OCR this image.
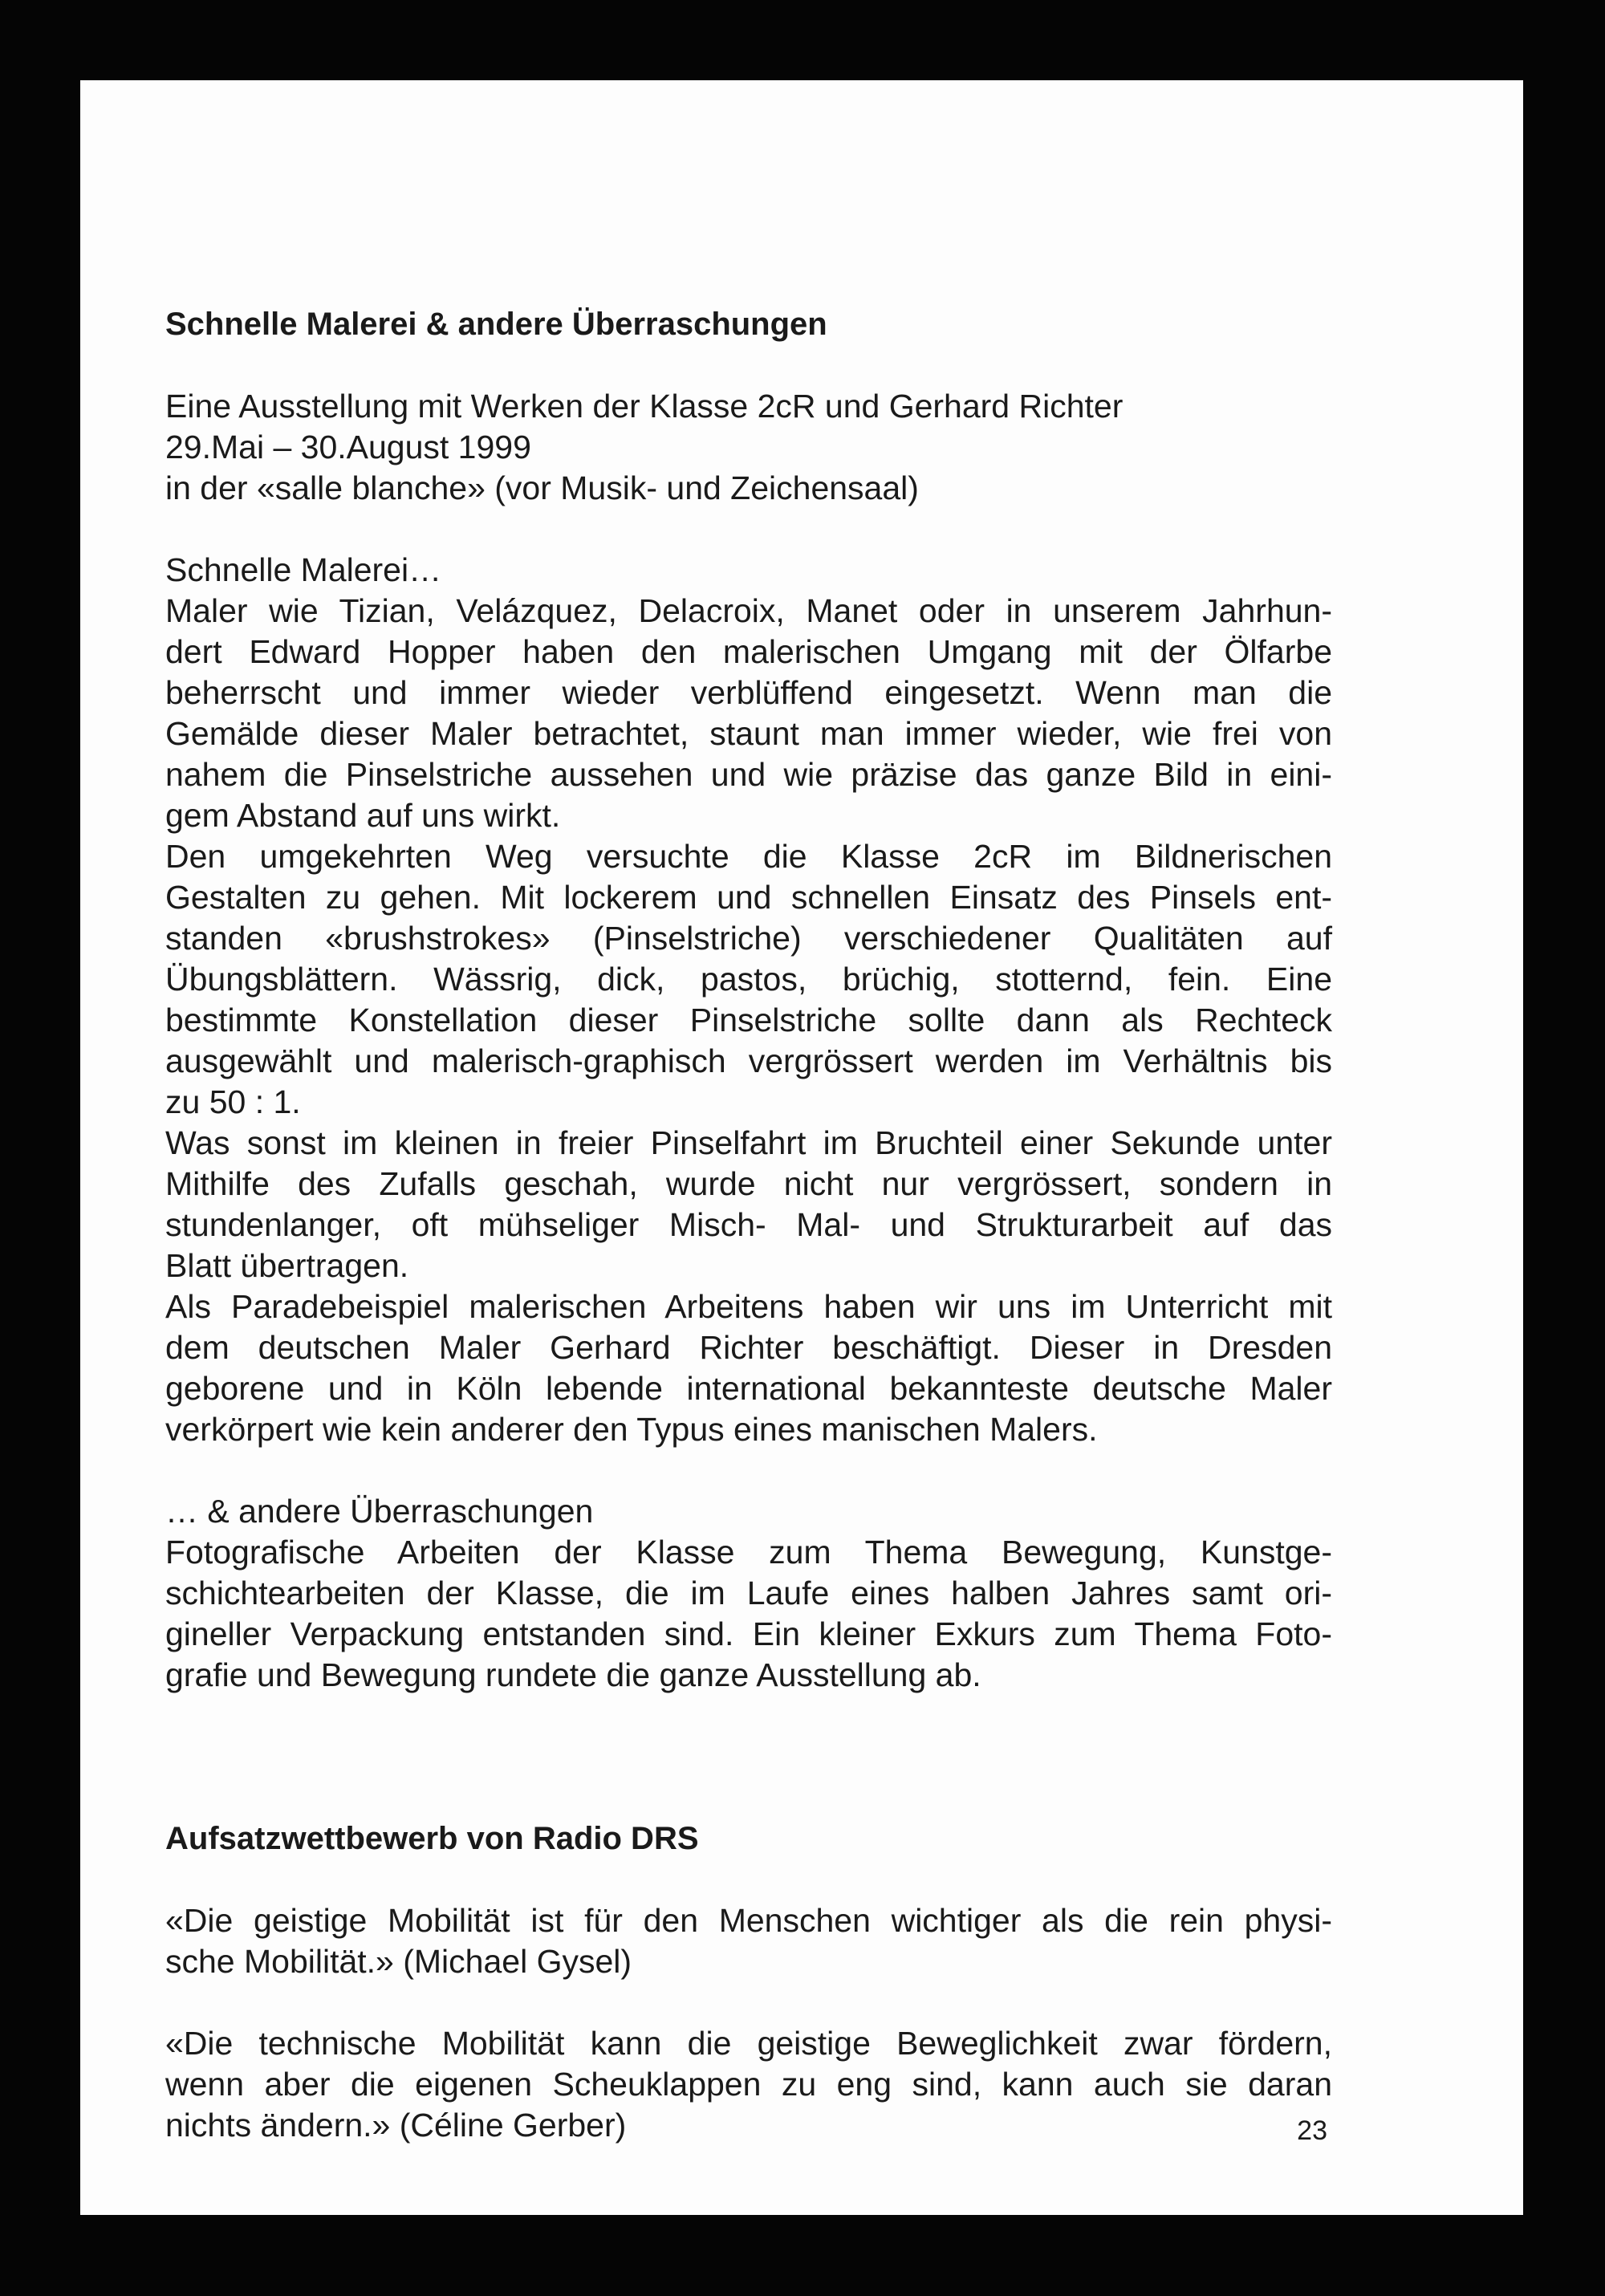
Schnelle Malerei & andere Überraschungen
Eine Ausstellung mit Werken der Klasse 2cR und Gerhard Richter
29.Mai – 30.August 1999
in der «salle blanche» (vor Musik- und Zeichensaal)
Schnelle Malerei…
Maler wie Tizian, Velázquez, Delacroix, Manet oder in unserem Jahrhun-
dert Edward Hopper haben den malerischen Umgang mit der Ölfarbe
beherrscht und immer wieder verblüffend eingesetzt. Wenn man die
Gemälde dieser Maler betrachtet, staunt man immer wieder, wie frei von
nahem die Pinselstriche aussehen und wie präzise das ganze Bild in eini-
gem Abstand auf uns wirkt.
Den umgekehrten Weg versuchte die Klasse 2cR im Bildnerischen
Gestalten zu gehen. Mit lockerem und schnellen Einsatz des Pinsels ent-
standen «brushstrokes» (Pinselstriche) verschiedener Qualitäten auf
Übungsblättern. Wässrig, dick, pastos, brüchig, stotternd, fein. Eine
bestimmte Konstellation dieser Pinselstriche sollte dann als Rechteck
ausgewählt und malerisch-graphisch vergrössert werden im Verhältnis bis
zu 50 : 1.
Was sonst im kleinen in freier Pinselfahrt im Bruchteil einer Sekunde unter
Mithilfe des Zufalls geschah, wurde nicht nur vergrössert, sondern in
stundenlanger, oft mühseliger Misch- Mal- und Strukturarbeit auf das
Blatt übertragen.
Als Paradebeispiel malerischen Arbeitens haben wir uns im Unterricht mit
dem deutschen Maler Gerhard Richter beschäftigt. Dieser in Dresden
geborene und in Köln lebende international bekannteste deutsche Maler
verkörpert wie kein anderer den Typus eines manischen Malers.
… & andere Überraschungen
Fotografische Arbeiten der Klasse zum Thema Bewegung, Kunstge-
schichtearbeiten der Klasse, die im Laufe eines halben Jahres samt ori-
gineller Verpackung entstanden sind. Ein kleiner Exkurs zum Thema Foto-
grafie und Bewegung rundete die ganze Ausstellung ab.
Aufsatzwettbewerb von Radio DRS
«Die geistige Mobilität ist für den Menschen wichtiger als die rein physi-
sche Mobilität.» (Michael Gysel)
«Die technische Mobilität kann die geistige Beweglichkeit zwar fördern,
wenn aber die eigenen Scheuklappen zu eng sind, kann auch sie daran
nichts ändern.» (Céline Gerber)	23
